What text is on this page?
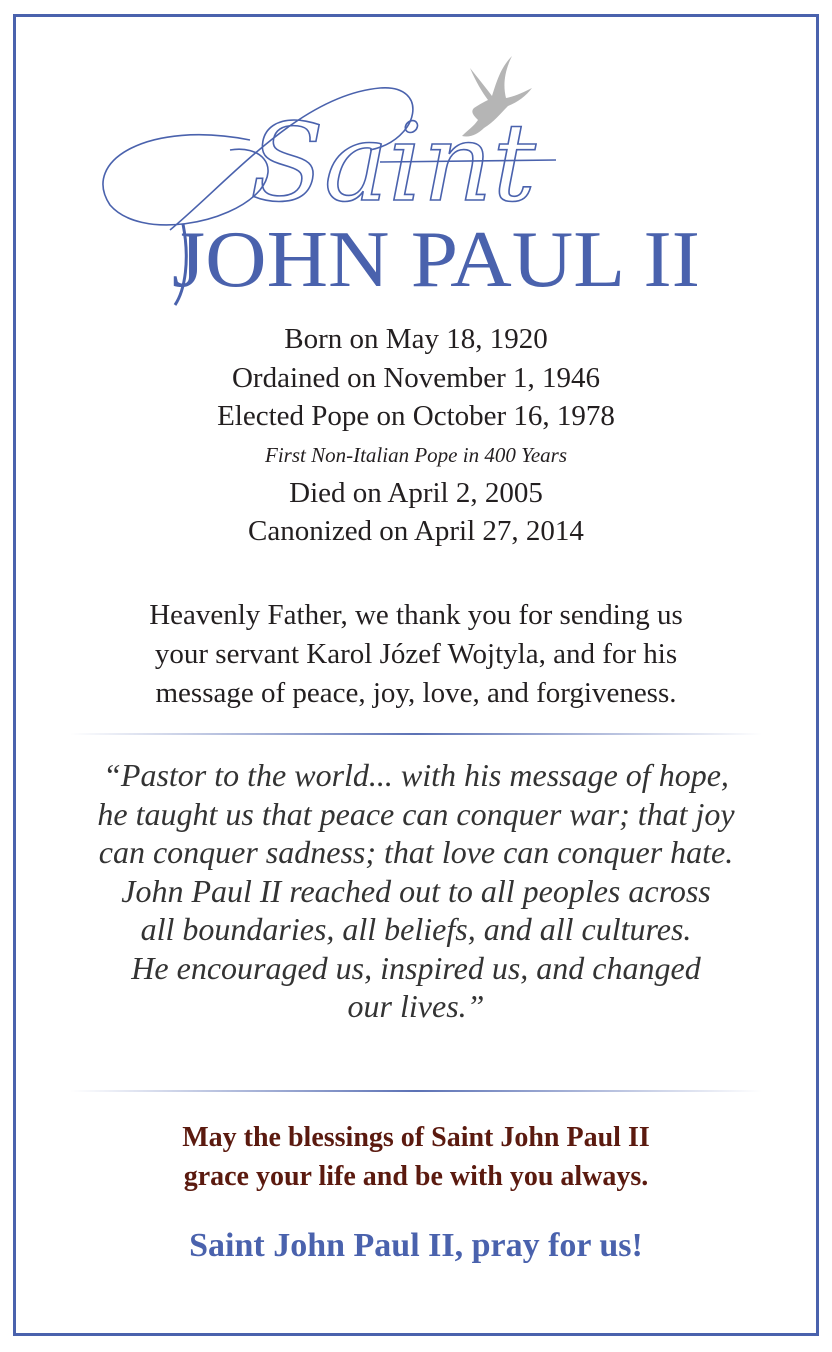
Saint
JOHN PAUL II
Born on May 18, 1920
Ordained on November 1, 1946
Elected Pope on October 16, 1978
First Non-Italian Pope in 400 Years
Died on April 2, 2005
Canonized on April 27, 2014
Heavenly Father, we thank you for sending us
your servant Karol Józef Wojtyla, and for his
message of peace, joy, love, and forgiveness.
“Pastor to the world... with his message of hope,
he taught us that peace can conquer war; that joy
can conquer sadness; that love can conquer hate.
John Paul II reached out to all peoples across
all boundaries, all beliefs, and all cultures.
He encouraged us, inspired us, and changed
our lives.”
May the blessings of Saint John Paul II
grace your life and be with you always.
Saint John Paul II, pray for us!
